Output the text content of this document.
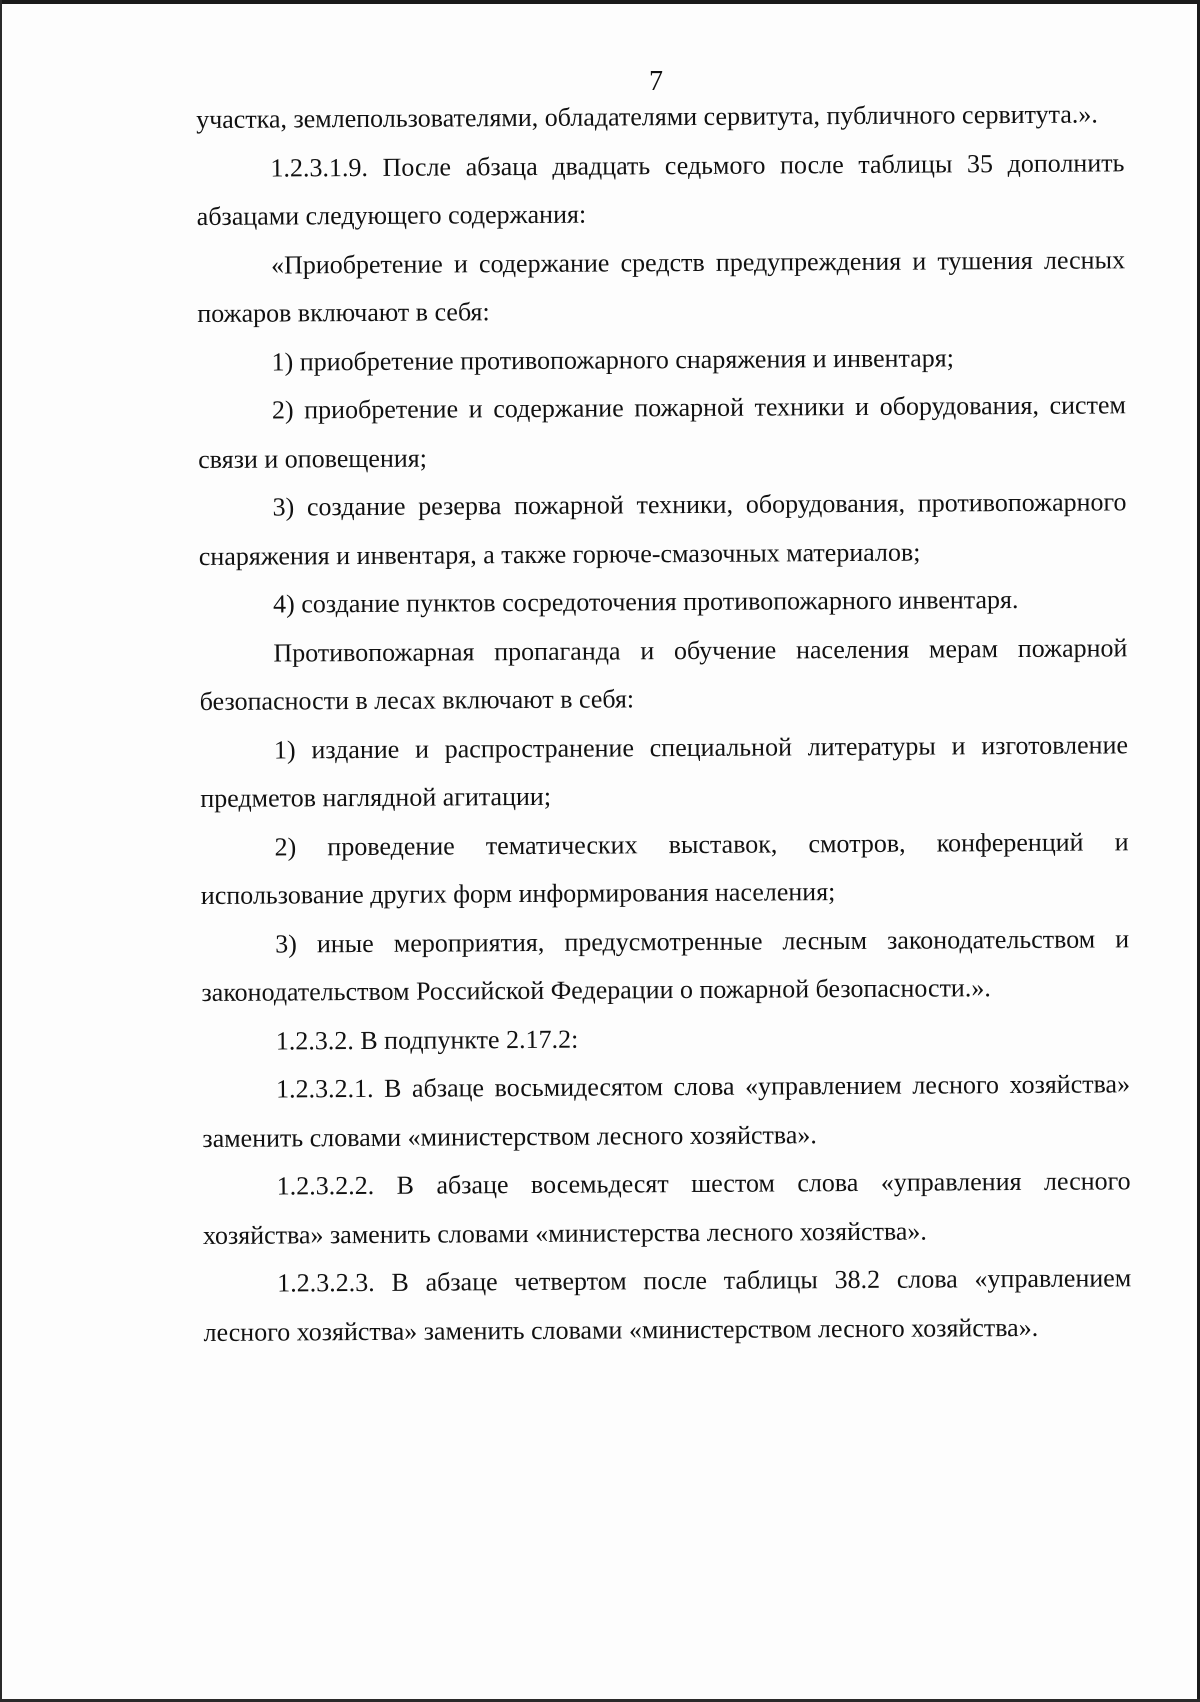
7

участка, землепользователями, обладателями сервитута, публичного сервитута.».

1.2.3.1.9. После абзаца двадцать седьмого после таблицы 35 дополнить абзацами следующего содержания:

«Приобретение и содержание средств предупреждения и тушения лесных пожаров включают в себя:

1) приобретение противопожарного снаряжения и инвентаря;

2) приобретение и содержание пожарной техники и оборудования, систем связи и оповещения;

3) создание резерва пожарной техники, оборудования, противопожарного снаряжения и инвентаря, а также горюче-смазочных материалов;

4) создание пунктов сосредоточения противопожарного инвентаря.

Противопожарная пропаганда и обучение населения мерам пожарной безопасности в лесах включают в себя:

1) издание и распространение специальной литературы и изготовление предметов наглядной агитации;

2) проведение тематических выставок, смотров, конференций и использование других форм информирования населения;

3) иные мероприятия, предусмотренные лесным законодательством и законодательством Российской Федерации о пожарной безопасности.».

1.2.3.2. В подпункте 2.17.2:

1.2.3.2.1. В абзаце восьмидесятом слова «управлением лесного хозяйства» заменить словами «министерством лесного хозяйства».

1.2.3.2.2. В абзаце восемьдесят шестом слова «управления лесного хозяйства» заменить словами «министерства лесного хозяйства».

1.2.3.2.3. В абзаце четвертом после таблицы 38.2 слова «управлением лесного хозяйства» заменить словами «министерством лесного хозяйства».
